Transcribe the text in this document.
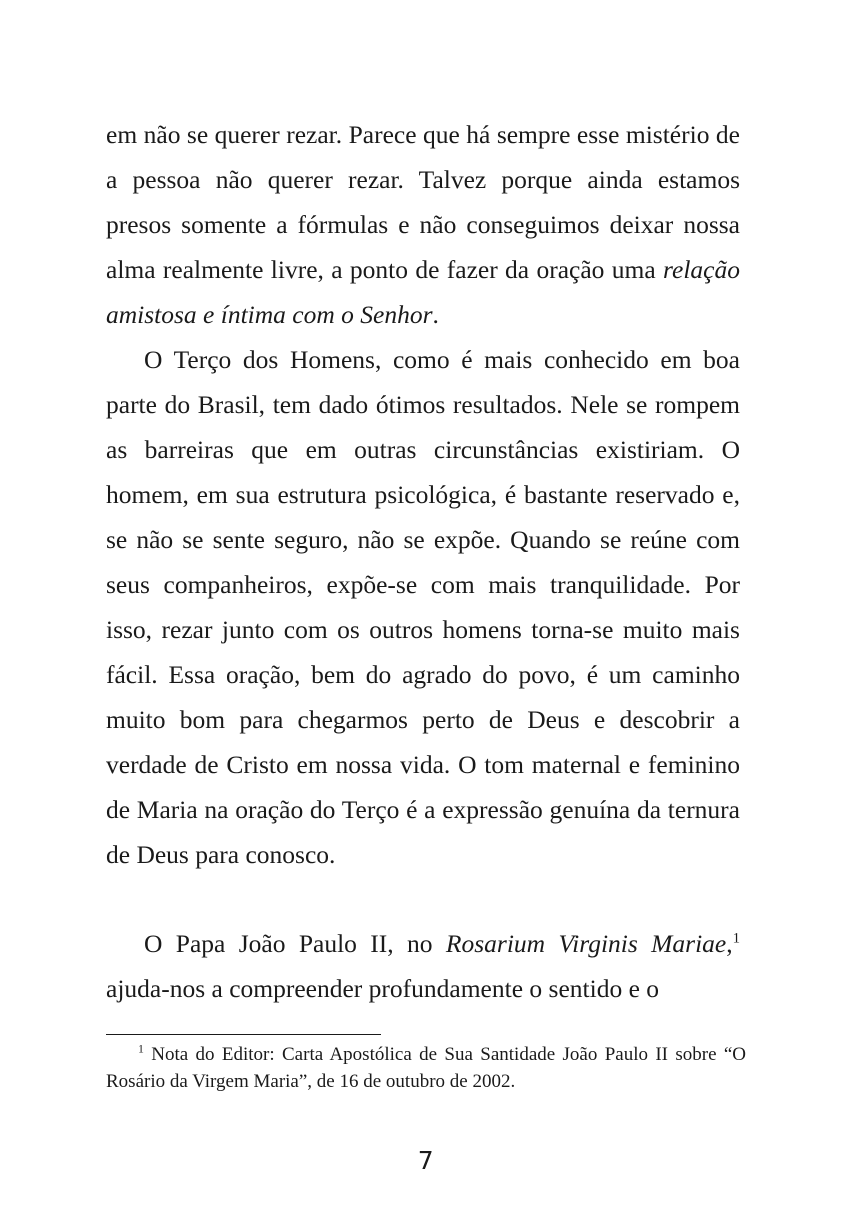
em não se querer rezar. Parece que há sempre esse mistério de a pessoa não querer rezar. Talvez porque ainda estamos presos somente a fórmulas e não conseguimos deixar nossa alma realmente livre, a ponto de fazer da oração uma relação amistosa e íntima com o Senhor.

O Terço dos Homens, como é mais conhecido em boa parte do Brasil, tem dado ótimos resultados. Nele se rompem as barreiras que em outras circunstâncias existiriam. O homem, em sua estrutura psicológica, é bastante reservado e, se não se sente seguro, não se expõe. Quando se reúne com seus companheiros, expõe-se com mais tranquilidade. Por isso, rezar junto com os outros homens torna-se muito mais fácil. Essa oração, bem do agrado do povo, é um caminho muito bom para chegarmos perto de Deus e descobrir a verdade de Cristo em nossa vida. O tom maternal e feminino de Maria na oração do Terço é a expressão genuína da ternura de Deus para conosco.

O Papa João Paulo II, no Rosarium Virginis Mariae,$^1$ ajuda-nos a compreender profundamente o sentido e o

$^1$ Nota do Editor: Carta Apostólica de Sua Santidade João Paulo II sobre “O Rosário da Virgem Maria”, de 16 de outubro de 2002.

7
